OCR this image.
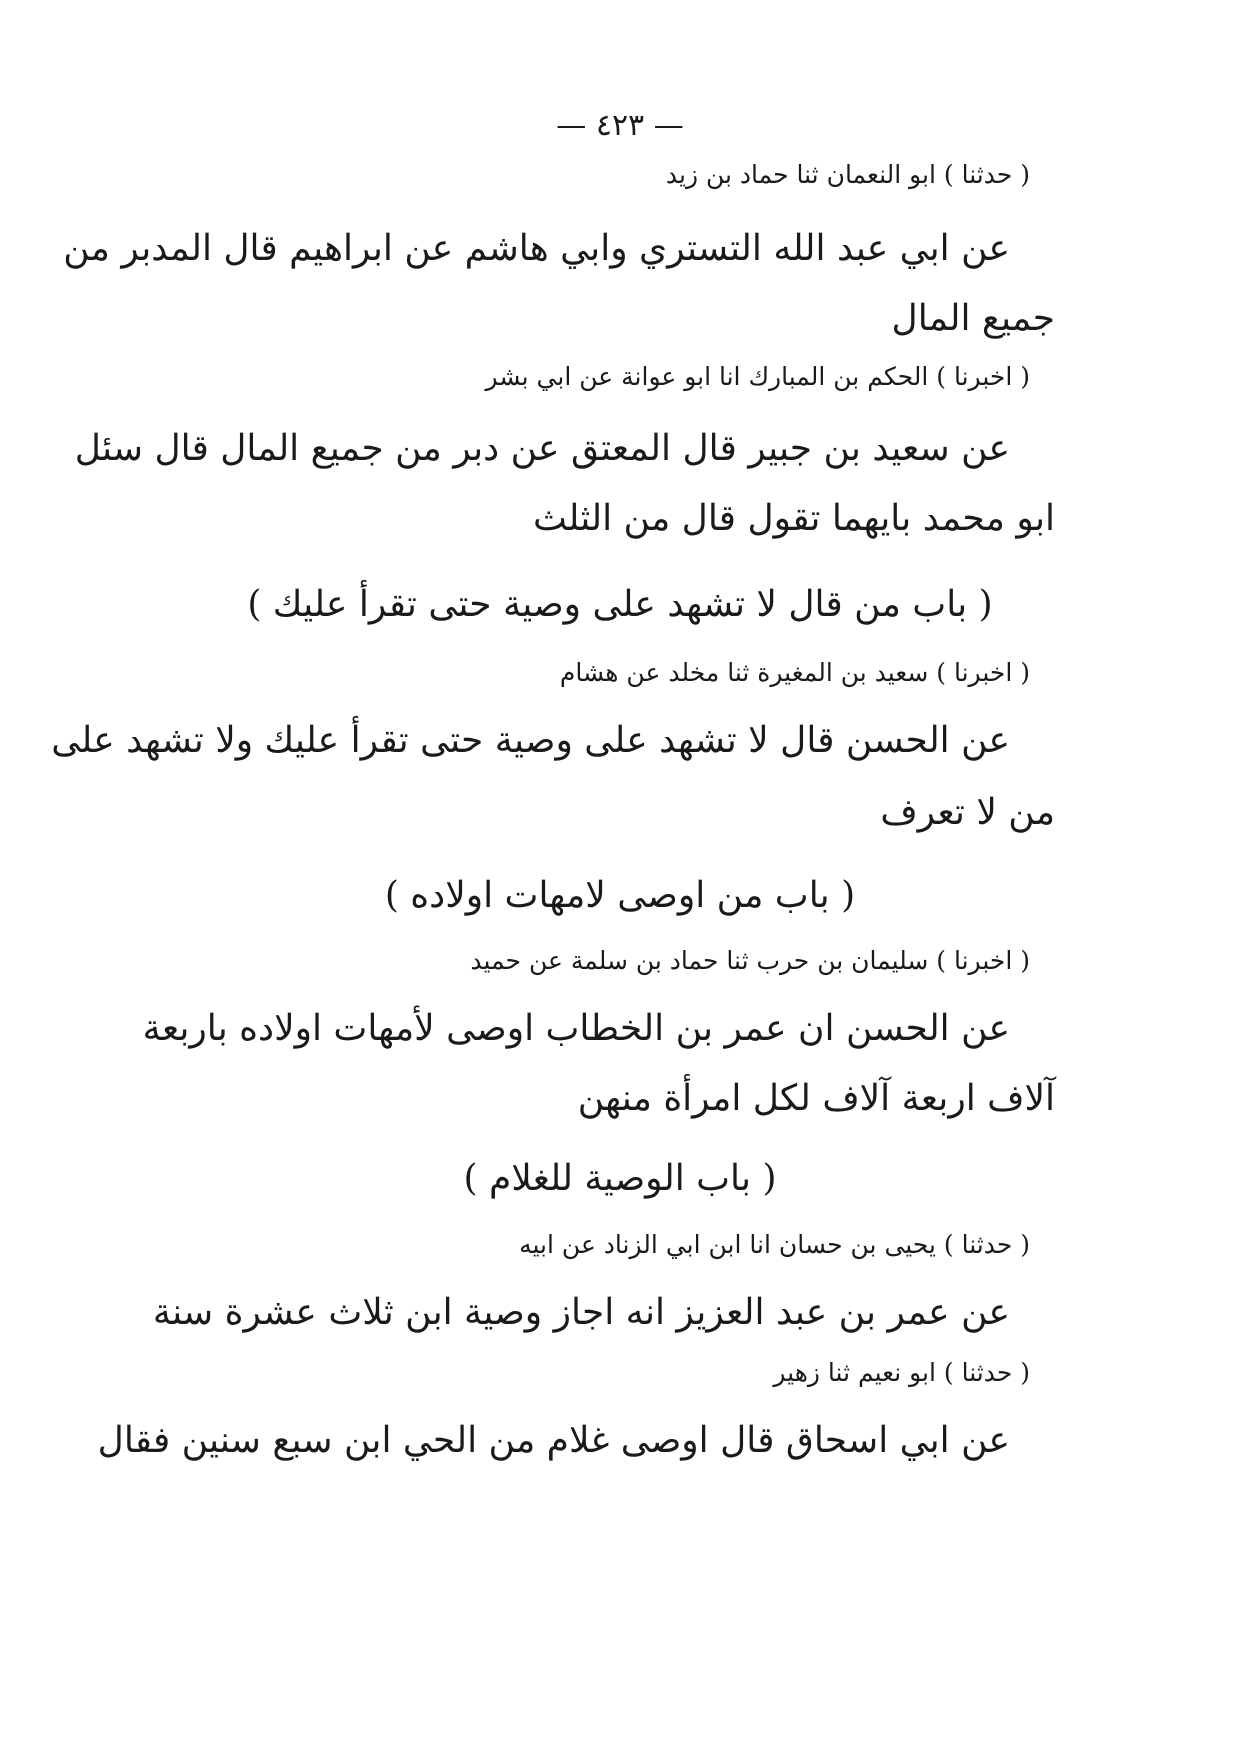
— ٤٢٣ —

( حدثنا ) ابو النعمان ثنا حماد بن زيد

عن ابي عبد الله التستري وابي هاشم عن ابراهيم قال المدبر من

جميع المال

( اخبرنا ) الحكم بن المبارك انا ابو عوانة عن ابي بشر

عن سعيد بن جبير قال المعتق عن دبر من جميع المال قال سئل

ابو محمد بايهما تقول قال من الثلث

( باب من قال لا تشهد على وصية حتى تقرأ عليك )

( اخبرنا ) سعيد بن المغيرة ثنا مخلد عن هشام

عن الحسن قال لا تشهد على وصية حتى تقرأ عليك ولا تشهد على

من لا تعرف

( باب من اوصى لامهات اولاده )

( اخبرنا ) سليمان بن حرب ثنا حماد بن سلمة عن حميد

عن الحسن ان عمر بن الخطاب اوصى لأمهات اولاده باربعة

آلاف اربعة آلاف لكل امرأة منهن

( باب الوصية للغلام )

( حدثنا ) يحيى بن حسان انا ابن ابي الزناد عن ابيه

عن عمر بن عبد العزيز انه اجاز وصية ابن ثلاث عشرة سنة

( حدثنا ) ابو نعيم ثنا زهير

عن ابي اسحاق قال اوصى غلام من الحي ابن سبع سنين فقال
